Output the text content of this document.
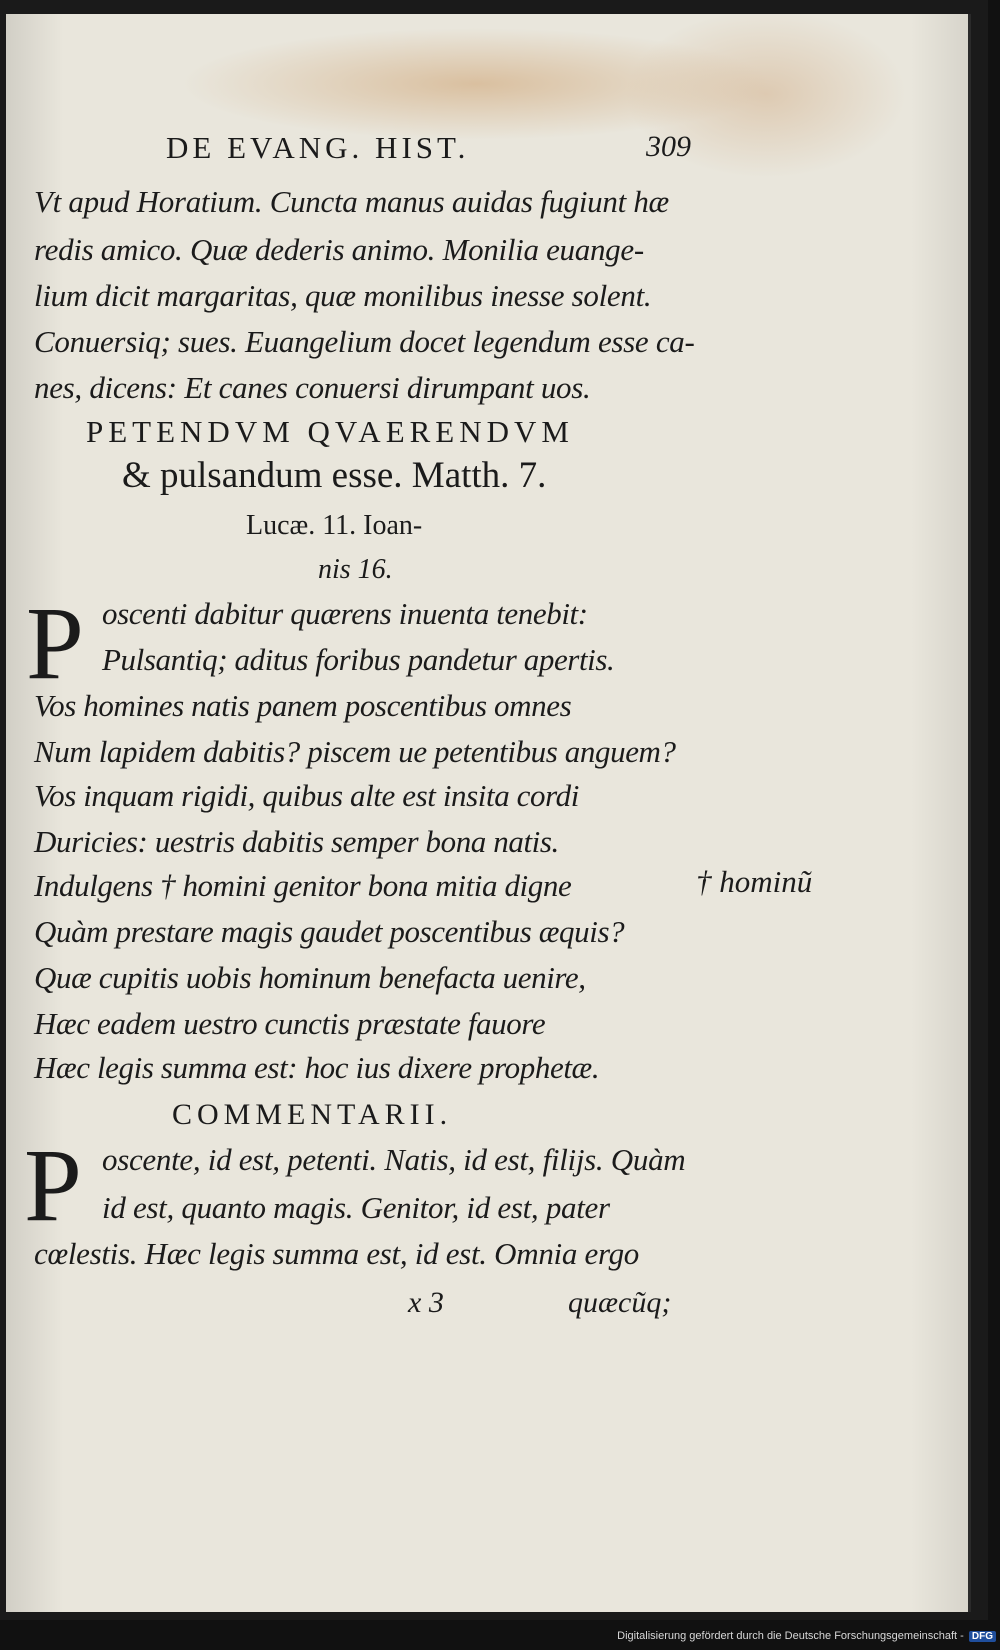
DE EVANG. HIST.	309
Vt apud Horatium. Cuncta manus auidas fugiunt hæ
redis amico. Quæ dederis animo. Monilia euange-
lium dicit margaritas, quæ monilibus inesse solent.
Conuersiq; sues. Euangelium docet legendum esse ca-
nes, dicens: Et canes conuersi dirumpant uos.
PETENDVM QVAERENDVM
& pulsandum esse. Matth. 7.
Lucæ. 11. Ioan-
nis 16.
P oscenti dabitur quærens inuenta tenebit:
Pulsantiq; aditus foribus pandetur apertis.
Vos homines natis panem poscentibus omnes
Num lapidem dabitis? piscem ue petentibus anguem?
Vos inquam rigidi, quibus alte est insita cordi
Duricies: uestris dabitis semper bona natis.
Indulgens † homini genitor bona mitia digne
Quàm prestare magis gaudet poscentibus æquis?
Quæ cupitis uobis hominum benefacta uenire,
Hæc eadem uestro cunctis præstate fauore
Hæc legis summa est: hoc ius dixere prophetæ.
† hominũ
COMMENTARII.
P oscente, id est, petenti. Natis, id est, filijs. Quàm
id est, quanto magis. Genitor, id est, pater
cœlestis. Hæc legis summa est, id est. Omnia ergo
x 3	quæcũq;
Digitalisierung gefördert durch die Deutsche Forschungsgemeinschaft - DFG
